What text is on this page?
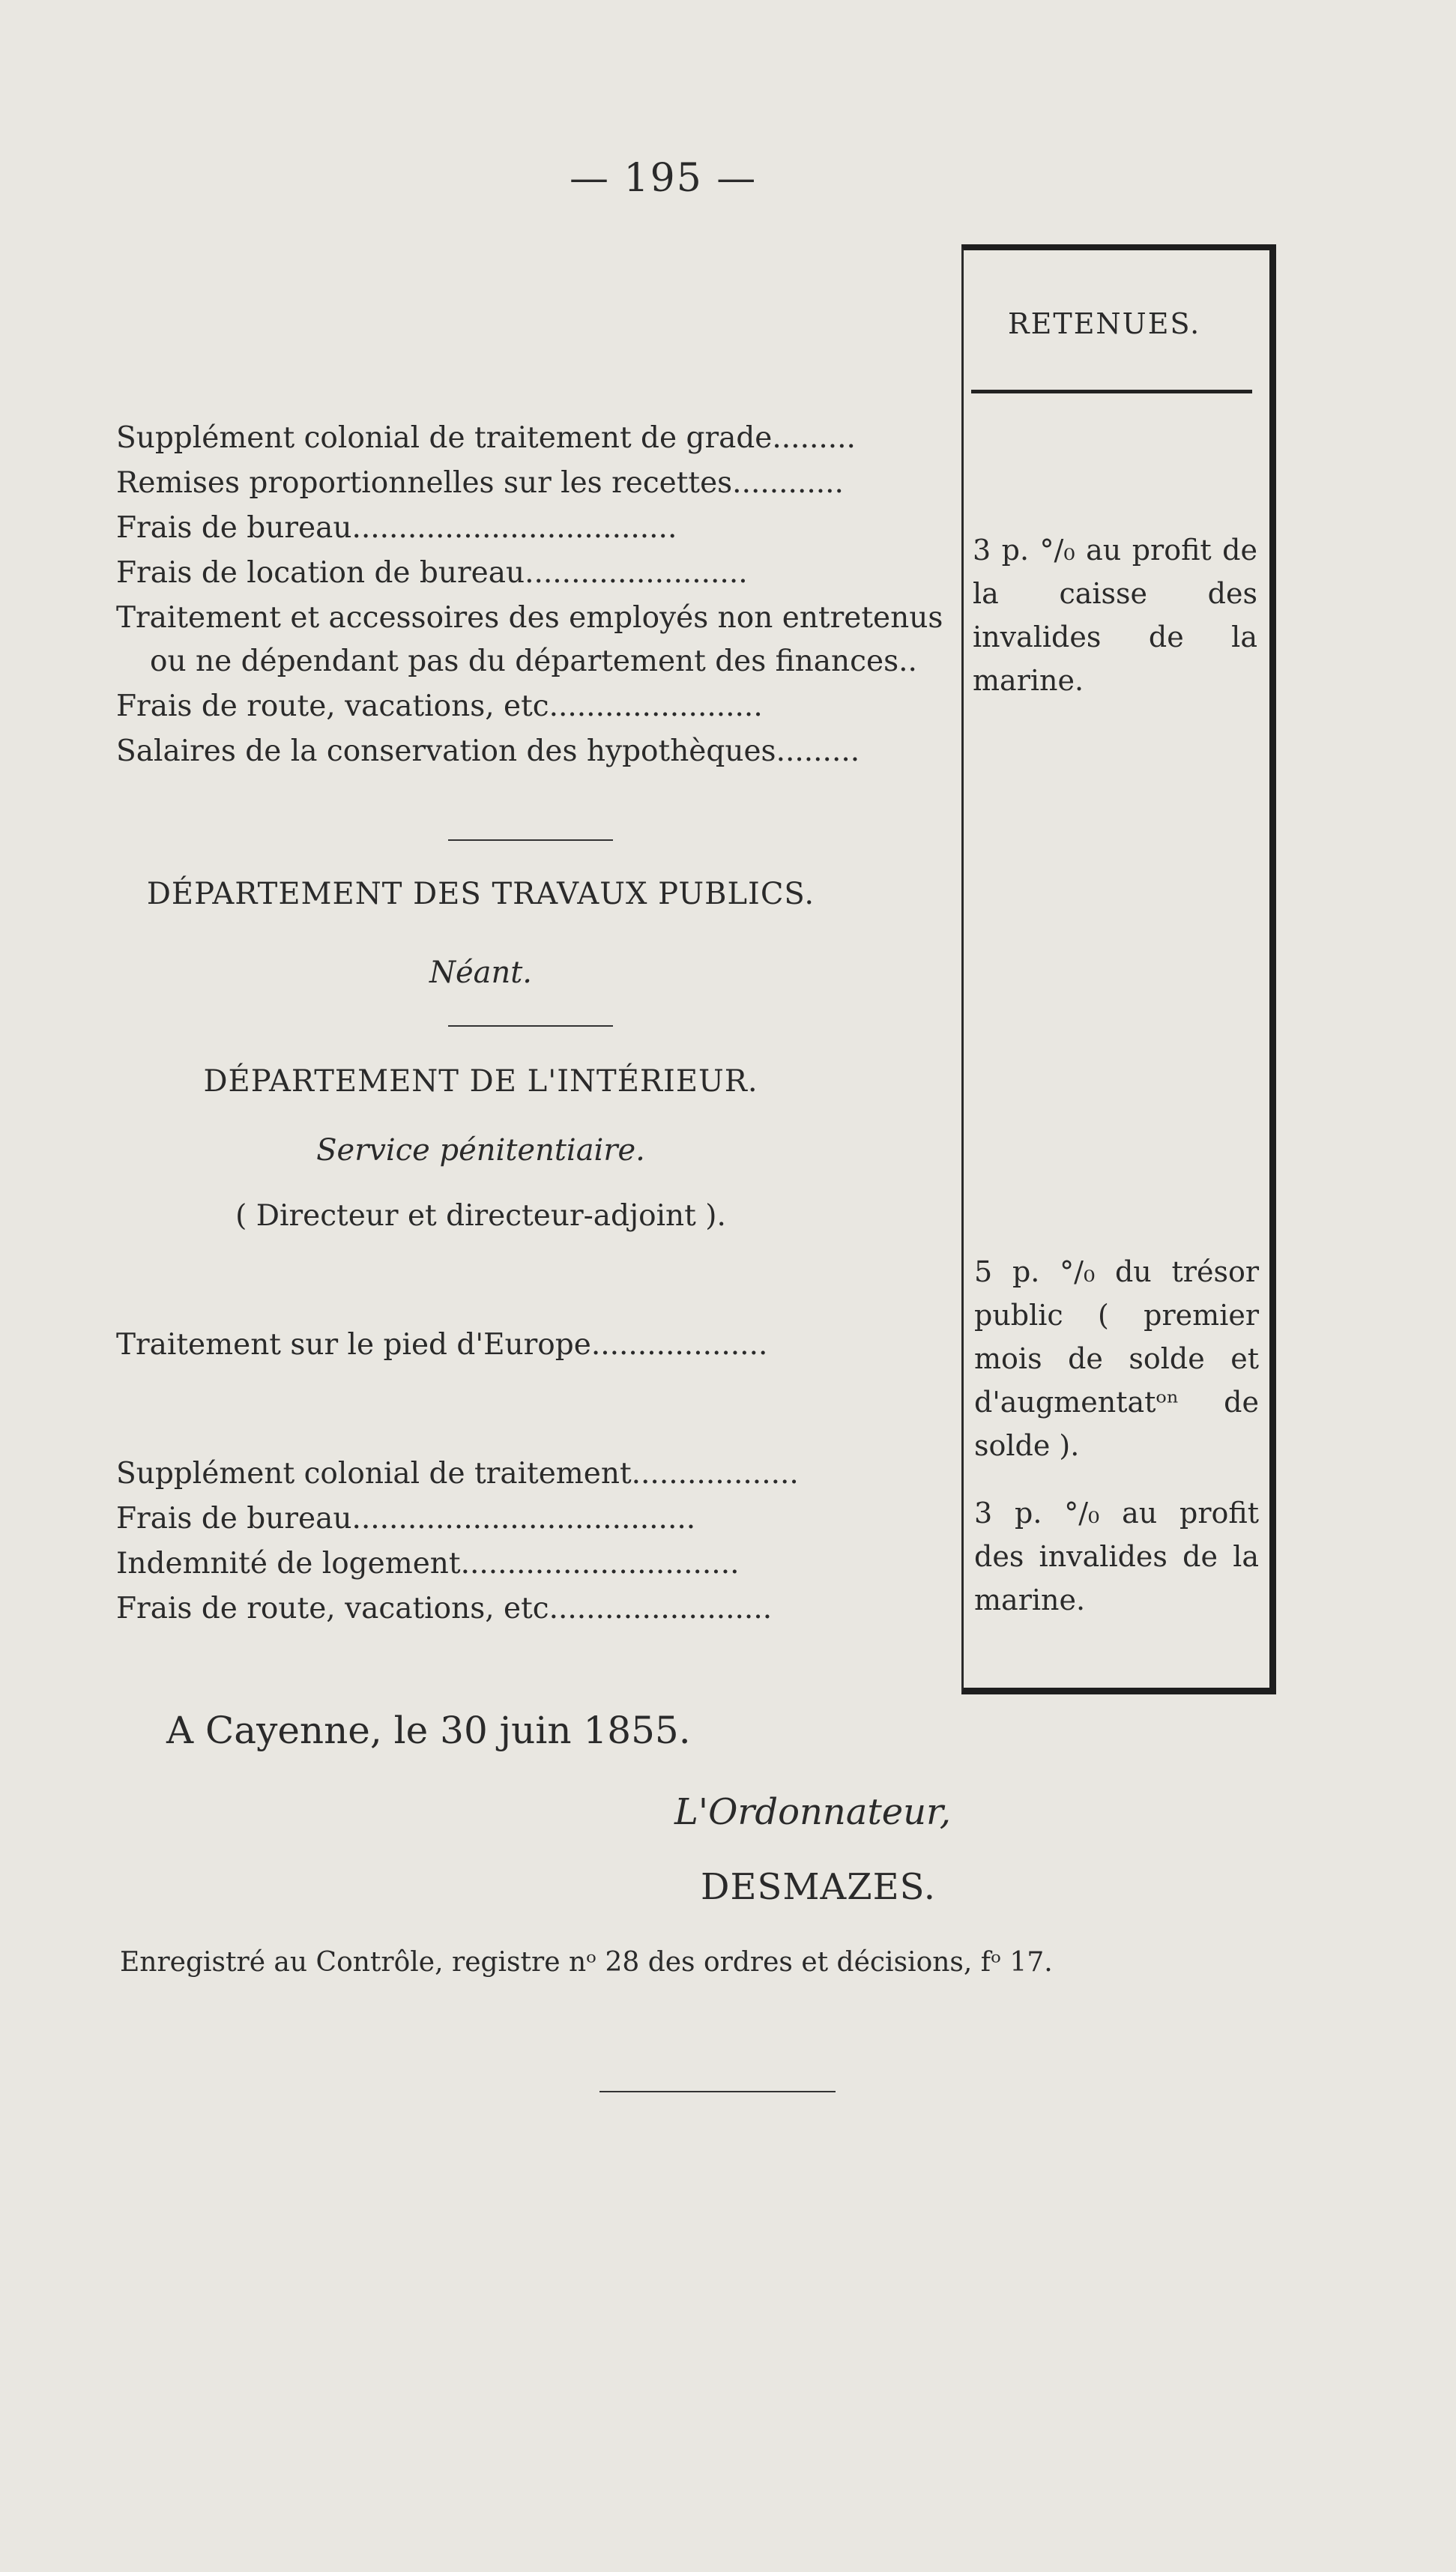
— 195 —
RETENUES.
Supplément colonial de traitement de grade.........
Remises proportionnelles sur les recettes............
Frais de bureau...................................
Frais de location de bureau........................
Traitement et accessoires des employés non entretenus
ou ne dépendant pas du département des finances..
Frais de route, vacations, etc.......................
Salaires de la conservation des hypothèques.........
3 p. °/₀ au profit de la caisse des invalides de la marine.
DÉPARTEMENT DES TRAVAUX PUBLICS.
Néant.
DÉPARTEMENT DE L'INTÉRIEUR.
Service pénitentiaire.
( Directeur et directeur-adjoint ).
Traitement sur le pied d'Europe...................
5 p. °/₀ du trésor public ( premier mois de solde et d'augmentatᵒⁿ de solde ).
Supplément colonial de traitement..................
Frais de bureau.....................................
Indemnité de logement..............................
Frais de route, vacations, etc........................
3 p. °/₀ au profit des invalides de la marine.
A Cayenne, le 30 juin 1855.
L'Ordonnateur,
DESMAZES.
Enregistré au Contrôle, registre nᵒ 28 des ordres et décisions, fᵒ 17.
